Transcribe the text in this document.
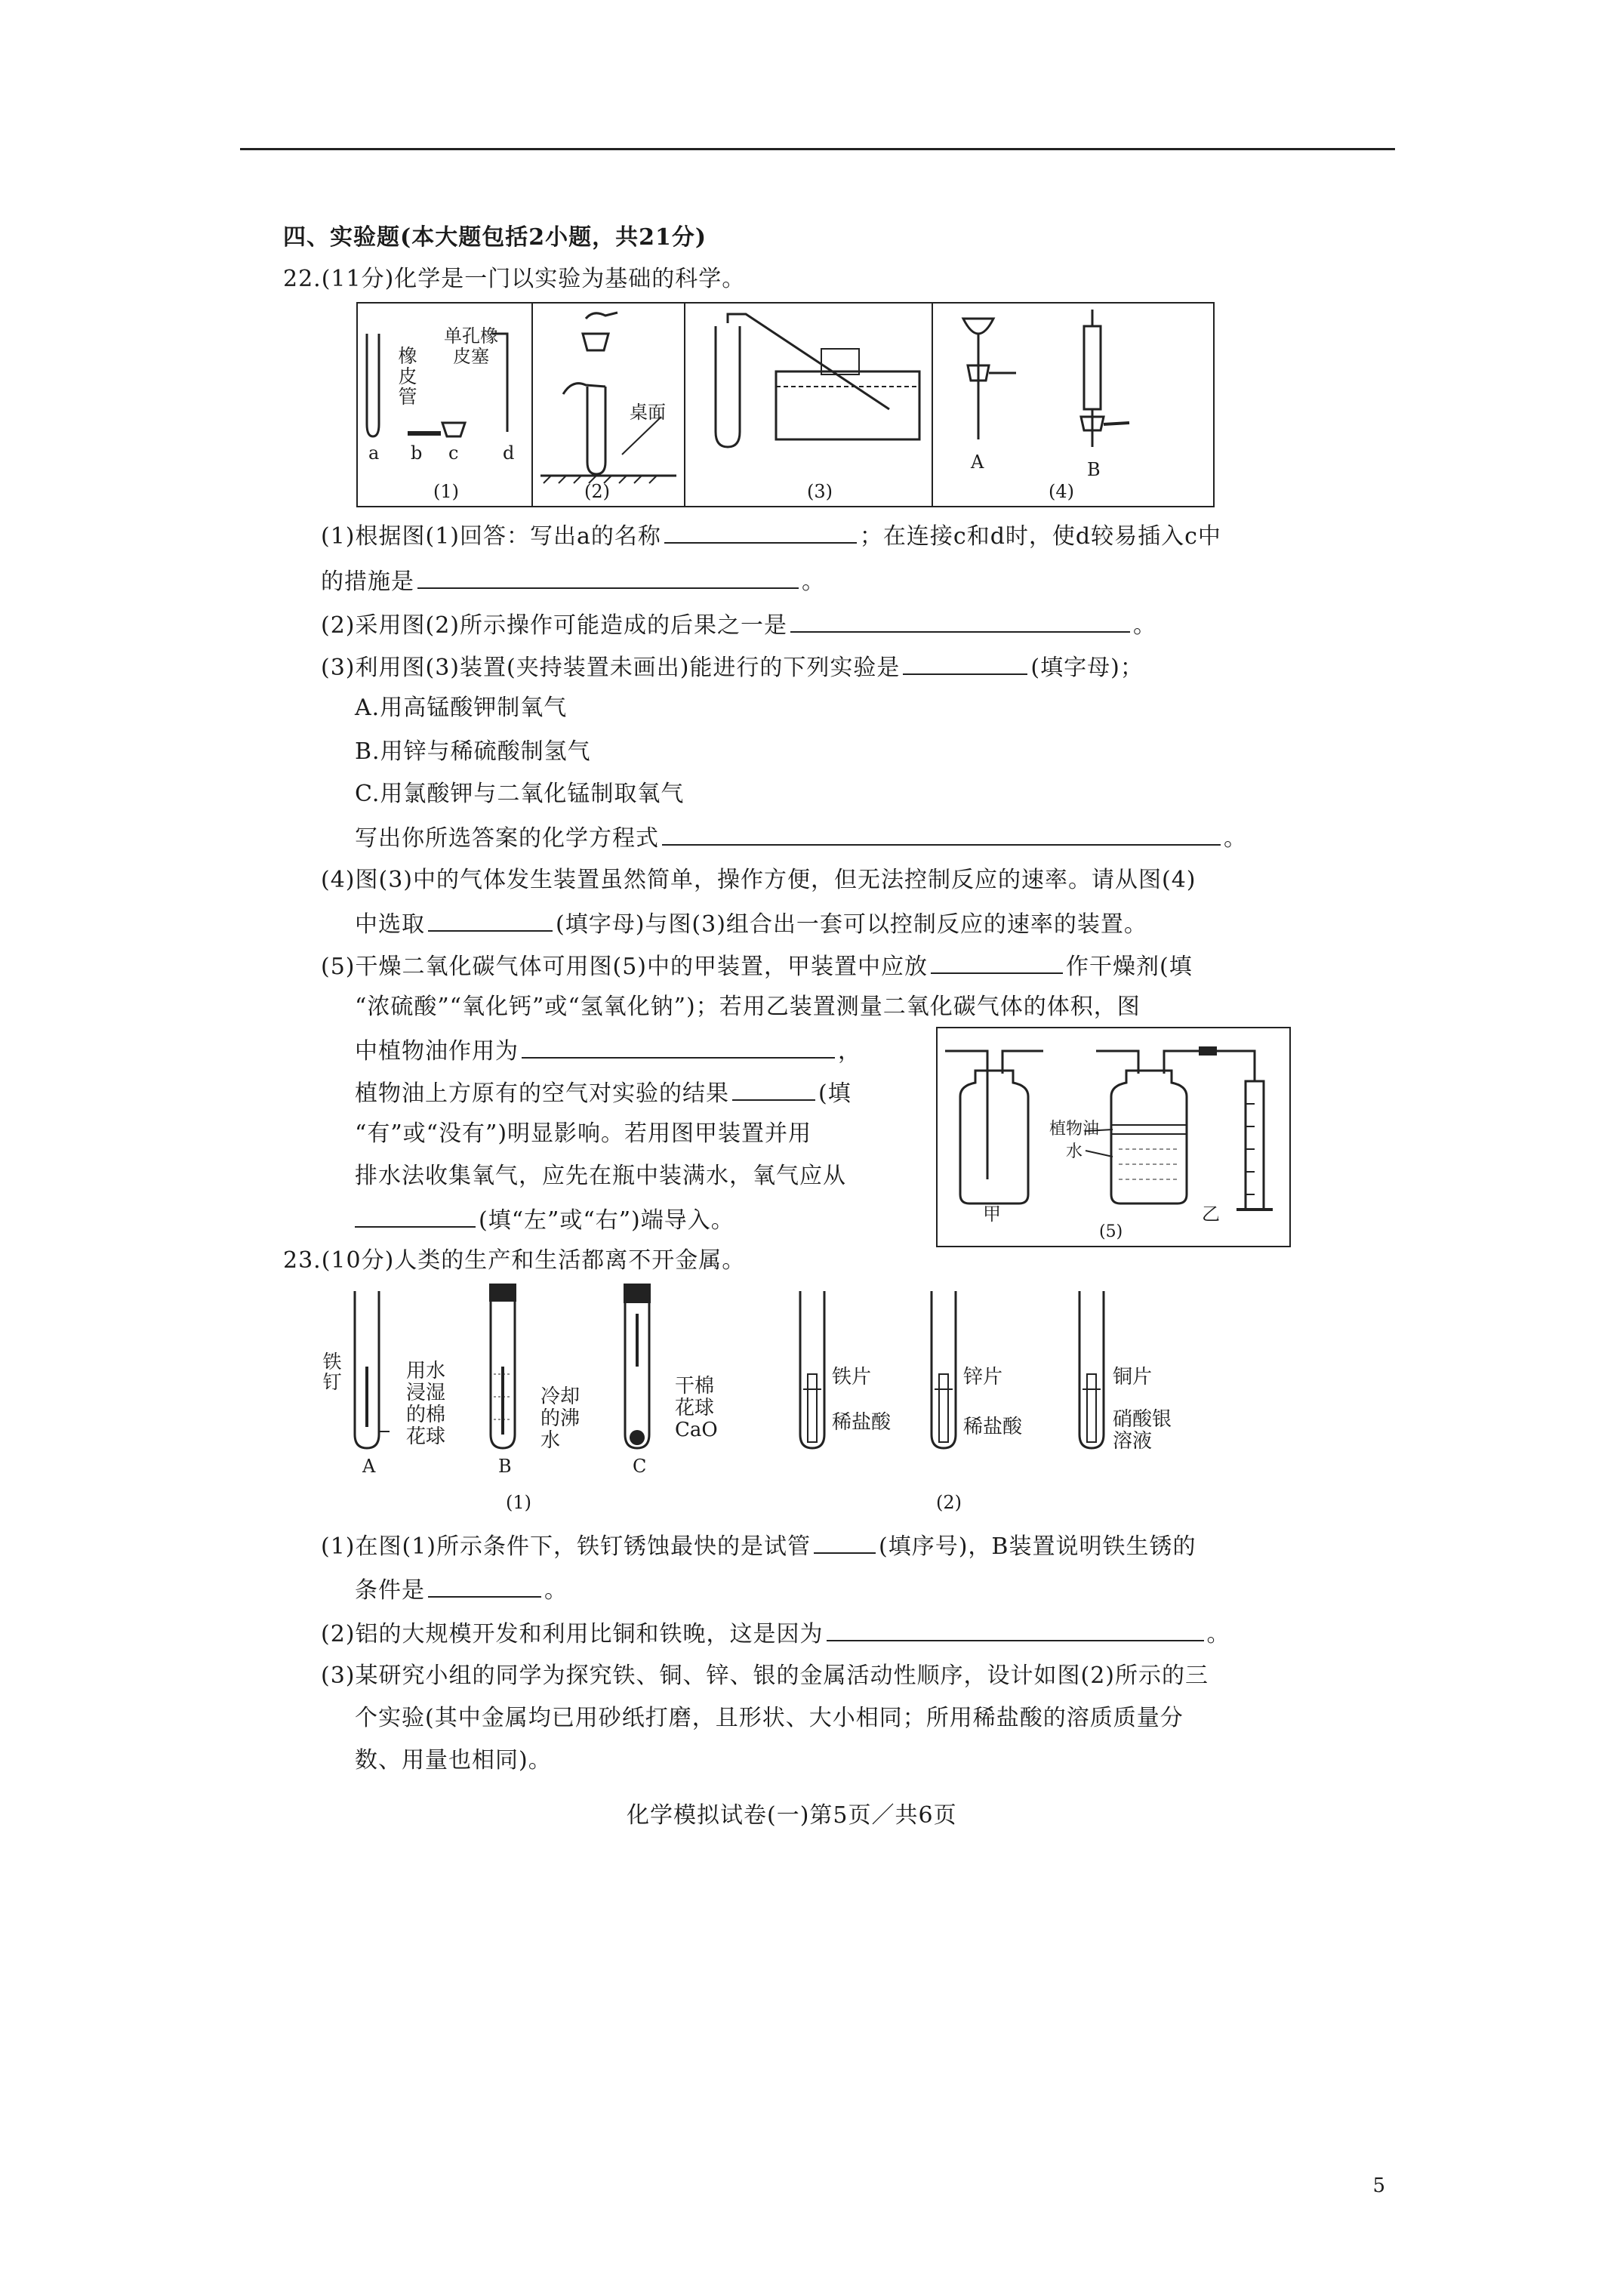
四、实验题(本大题包括2小题，共21分)
22.(11分)化学是一门以实验为基础的科学。
橡皮管
单孔橡皮塞
a b c d
(1)
桌面
(2)	(3)
A	B
(4)
(1)根据图(1)回答：写出a的名称	；在连接c和d时，使d较易插入c中
的措施是	。
(2)采用图(2)所示操作可能造成的后果之一是	。
(3)利用图(3)装置(夹持装置未画出)能进行的下列实验是	(填字母)；
A.用高锰酸钾制氧气
B.用锌与稀硫酸制氢气
C.用氯酸钾与二氧化锰制取氧气
写出你所选答案的化学方程式	。
(4)图(3)中的气体发生装置虽然简单，操作方便，但无法控制反应的速率。请从图(4)
中选取	(填字母)与图(3)组合出一套可以控制反应的速率的装置。
(5)干燥二氧化碳气体可用图(5)中的甲装置，甲装置中应放	作干燥剂(填
“浓硫酸”“氧化钙”或“氢氧化钠”)；若用乙装置测量二氧化碳气体的体积，图
中植物油作用为	，
植物油上方原有的空气对实验的结果	(填
“有”或“没有”)明显影响。若用图甲装置并用
排水法收集氧气，应先在瓶中装满水，氧气应从
(填“左”或“右”)端导入。
植物油
水
甲	乙
(5)
23.(10分)人类的生产和生活都离不开金属。
铁钉	用水浸湿的棉花球
冷却的沸水
干棉花球
CaO
A	B	C
(1)
铁片
稀盐酸
锌片
稀盐酸
铜片
硝酸银溶液
(2)
(1)在图(1)所示条件下，铁钉锈蚀最快的是试管	(填序号)，B装置说明铁生锈的
条件是	。
(2)铝的大规模开发和利用比铜和铁晚，这是因为	。
(3)某研究小组的同学为探究铁、铜、锌、银的金属活动性顺序，设计如图(2)所示的三
个实验(其中金属均已用砂纸打磨，且形状、大小相同；所用稀盐酸的溶质质量分
数、用量也相同)。
化学模拟试卷(一)第5页／共6页
5
